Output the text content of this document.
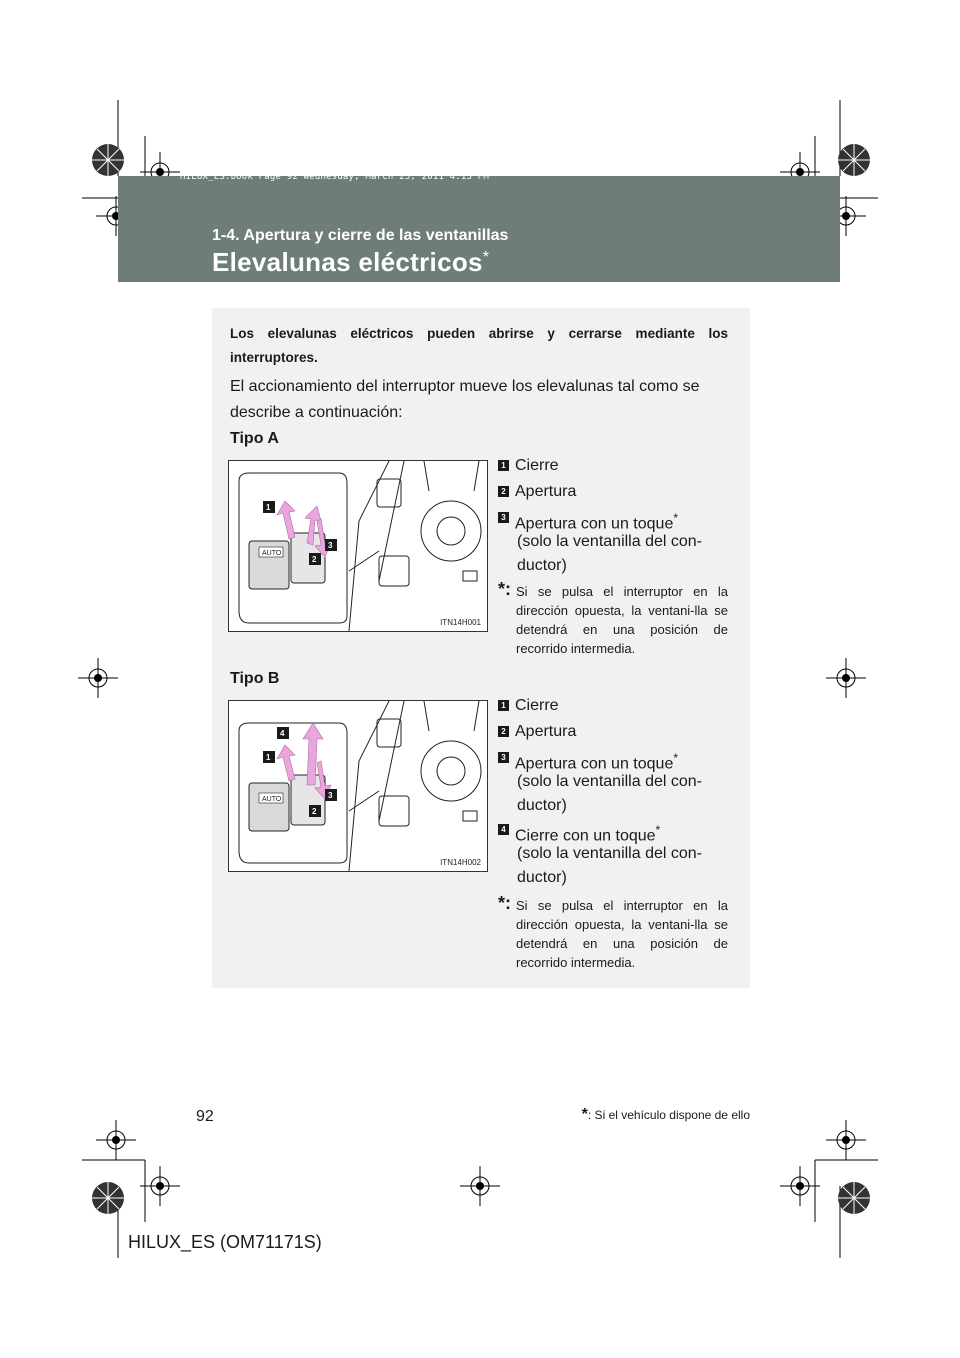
HILUX_ES.book Page 92 Wednesday, March 23, 2011 4:15 PM
1-4. Apertura y cierre de las ventanillas
Elevalunas eléctricos*
Los elevalunas eléctricos pueden abrirse y cerrarse mediante los
interruptores.
El accionamiento del interruptor mueve los elevalunas tal como se describe a continuación:
Tipo A
AUTO
1
2
3
ITN14H001
1 Cierre
2 Apertura
3 Apertura con un toque*
(solo la ventanilla del con-
ductor)
*: Si se pulsa el interruptor en la dirección opuesta, la ventani-lla se detendrá en una posición de recorrido intermedia.
Tipo B
AUTO
4
1
2
3
ITN14H002
1 Cierre
2 Apertura
3 Apertura con un toque*
(solo la ventanilla del con-
ductor)
4 Cierre con un toque*
(solo la ventanilla del con-
ductor)
*: Si se pulsa el interruptor en la dirección opuesta, la ventani-lla se detendrá en una posición de recorrido intermedia.
*: Si el vehículo dispone de ello
92
HILUX_ES (OM71171S)
